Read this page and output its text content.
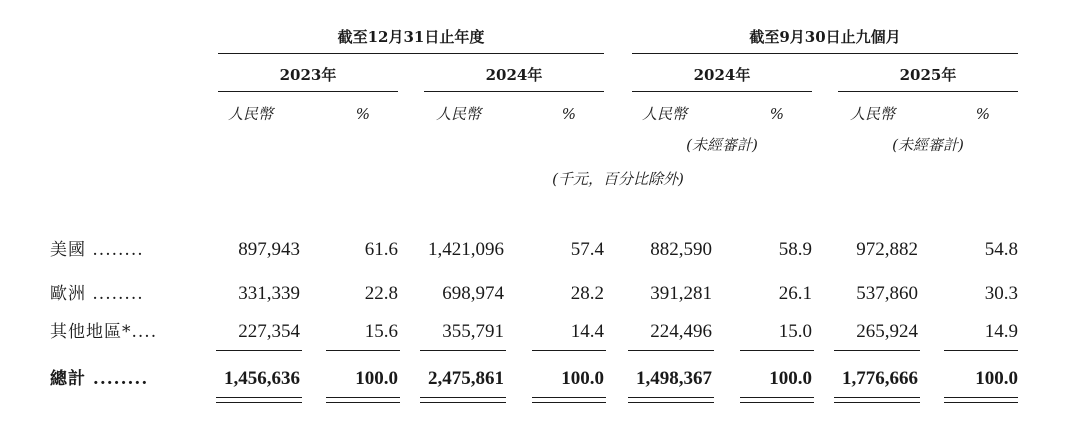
截至12月31日止年度	截至9月30日止九個月
2023年	2024年	2024年	2025年
人民幣	%	人民幣	%	人民幣	%	人民幣	%
(未經審計)	(未經審計)
(千元，百分比除外)
美國 ........	897,943	61.6	1,421,096	57.4	882,590	58.9	972,882	54.8
歐洲 ........	331,339	22.8	698,974	28.2	391,281	26.1	537,860	30.3
其他地區*....	227,354	15.6	355,791	14.4	224,496	15.0	265,924	14.9
總計 ........	1,456,636	100.0	2,475,861	100.0	1,498,367	100.0	1,776,666	100.0
